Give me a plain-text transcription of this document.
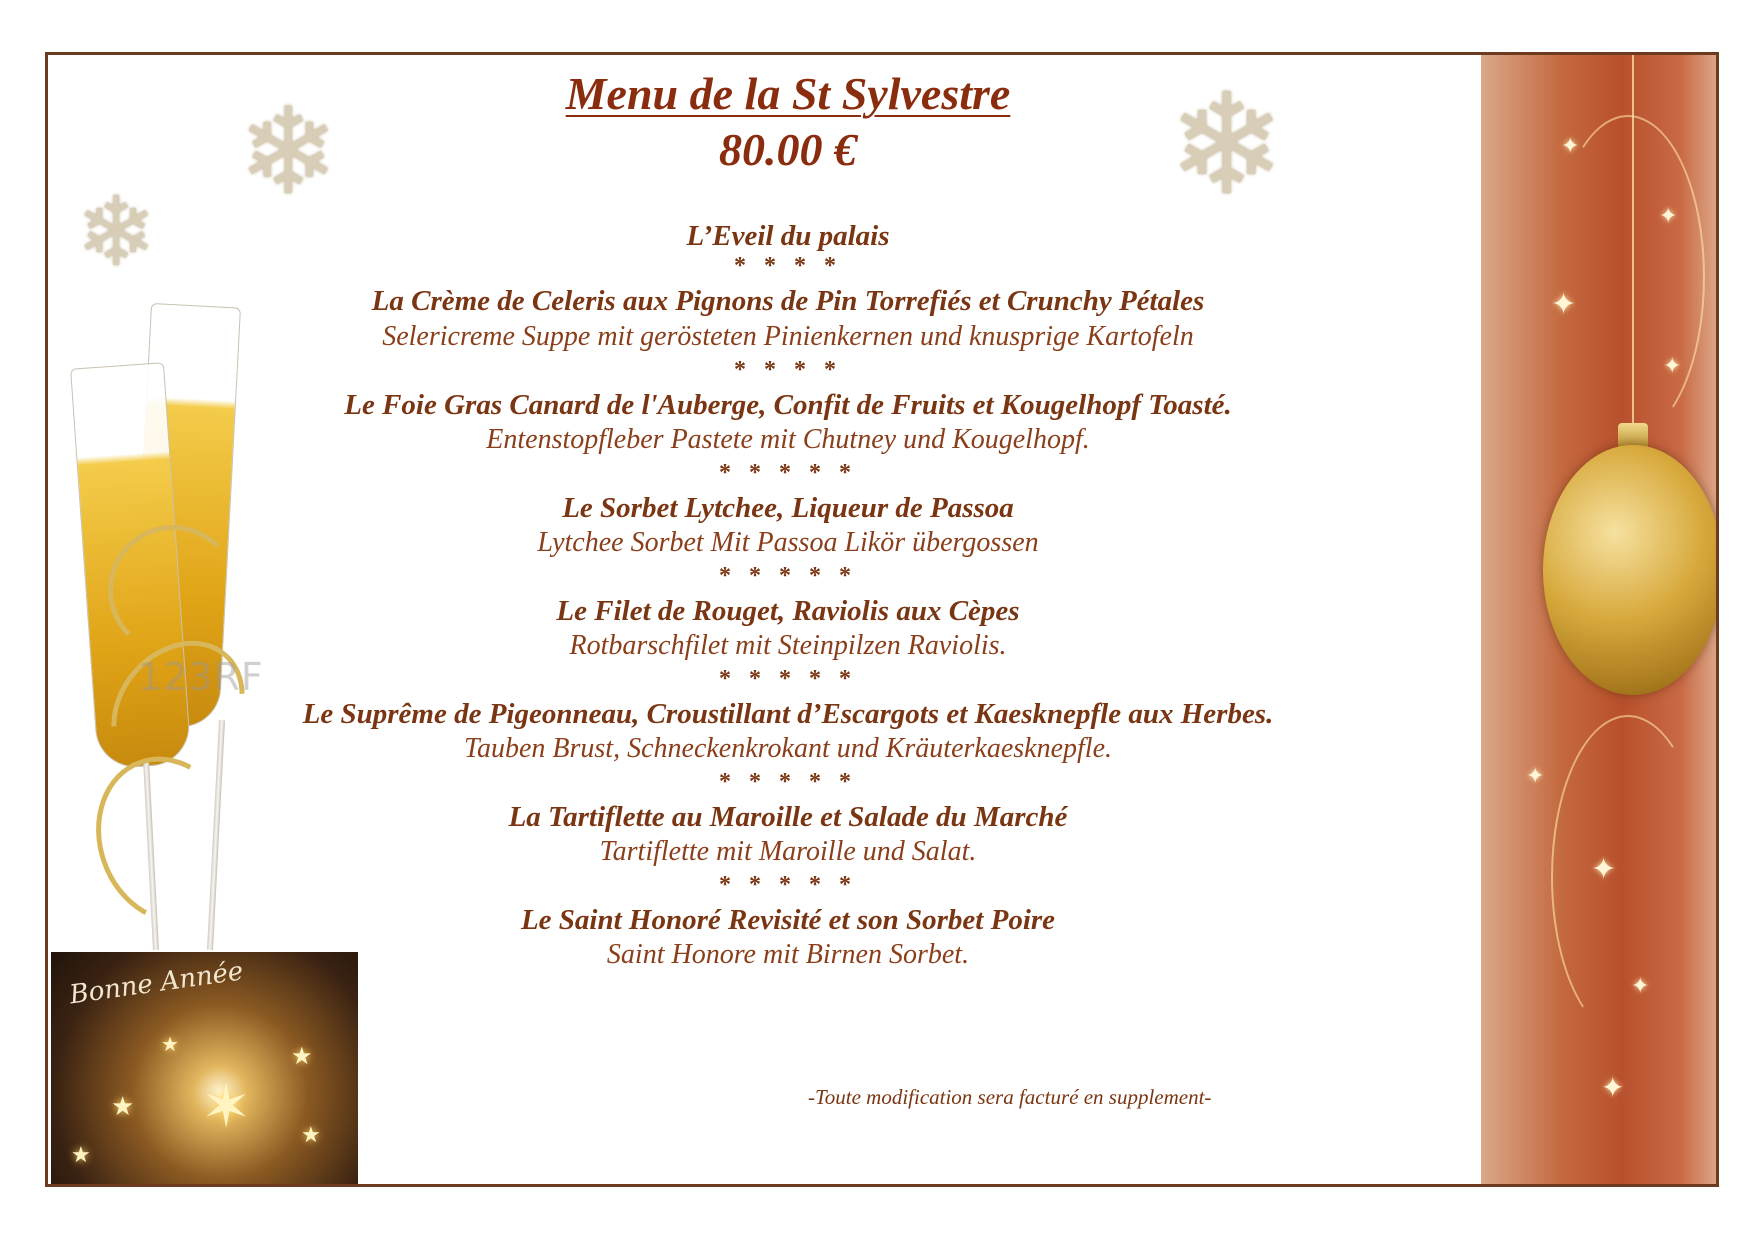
❄
❄
❄
123RF
Bonne Année
✶
★
★
★
★
★
✦
✦
✦
✦
✦
✦
✦
✦
Menu de la St Sylvestre
80.00 €
L’Eveil du palais
* * * *
La Crème de Celeris aux Pignons de Pin Torrefiés et Crunchy Pétales
Selericreme Suppe mit gerösteten Pinienkernen und knusprige Kartofeln
* * * *
Le Foie Gras Canard de l'Auberge, Confit de Fruits et Kougelhopf Toasté.
Entenstopfleber Pastete mit Chutney und Kougelhopf.
* * * * *
Le Sorbet Lytchee, Liqueur de Passoa
Lytchee Sorbet Mit Passoa Likör übergossen
* * * * *
Le Filet de Rouget, Raviolis aux Cèpes
Rotbarschfilet mit Steinpilzen Raviolis.
* * * * *
Le Suprême de Pigeonneau, Croustillant d’Escargots et Kaesknepfle aux Herbes.
Tauben Brust, Schneckenkrokant und Kräuterkaesknepfle.
* * * * *
La Tartiflette au Maroille et Salade du Marché
Tartiflette mit Maroille und Salat.
* * * * *
Le Saint Honoré Revisité et son Sorbet Poire
Saint Honore mit Birnen Sorbet.
-Toute modification sera facturé en supplement-
